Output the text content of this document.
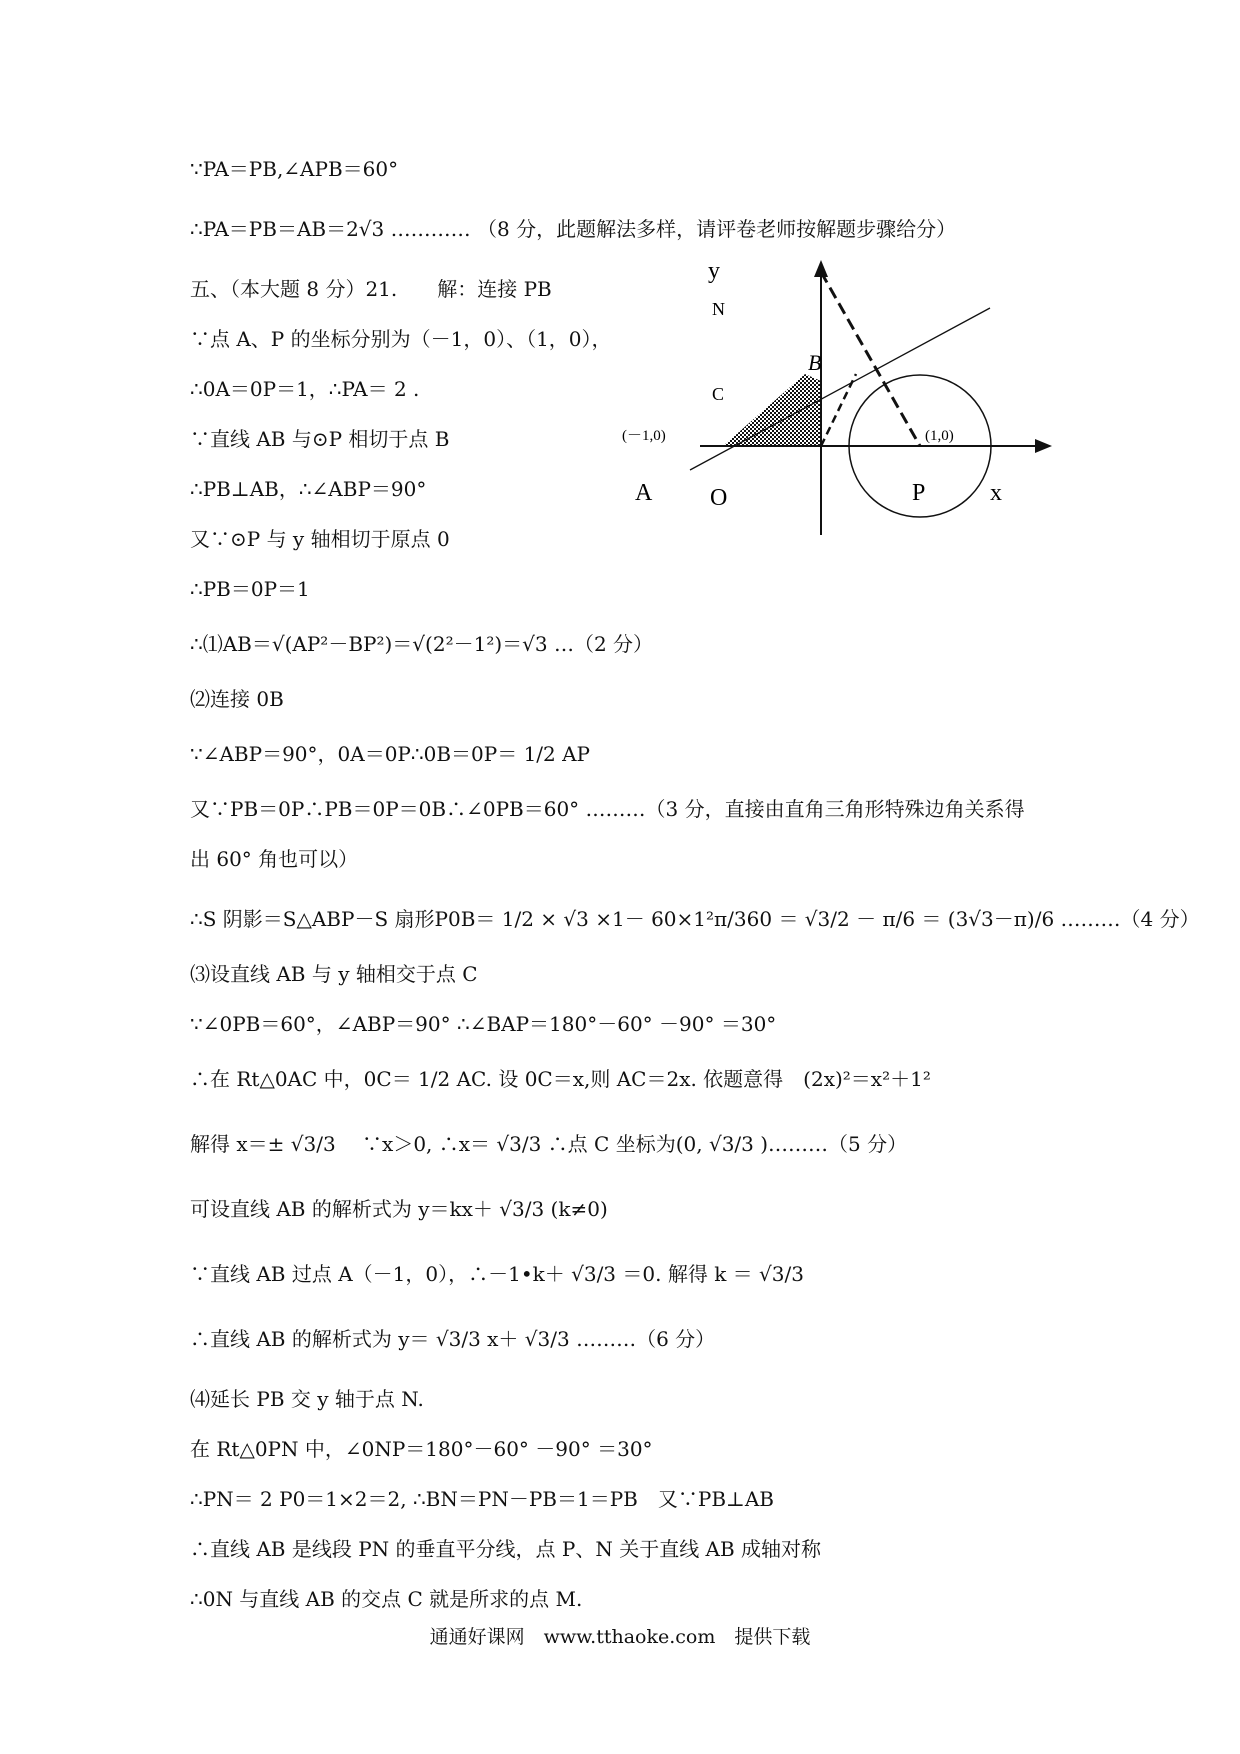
∵PA＝PB,∠APB＝60°
∴PA＝PB＝AB＝2√3 ………… （8 分，此题解法多样，请评卷老师按解题步骤给分）
五、（本大题 8 分）21.　　解：连接 PB
∵点 A、P 的坐标分别为（－1，0）、（1，0），
∴0A＝0P＝1，∴PA＝ 2 .
∵直线 AB 与⊙P 相切于点 B
∴PB⊥AB，∴∠ABP＝90°
又∵⊙P 与 y 轴相切于原点 0
∴PB＝0P＝1
∴⑴AB＝√(AP²－BP²)＝√(2²－1²)＝√3 …（2 分）
⑵连接 0B
∵∠ABP＝90°，0A＝0P∴0B＝0P＝ 1/2 AP
又∵PB＝0P∴PB＝0P＝0B∴∠0PB＝60° ………（3 分，直接由直角三角形特殊边角关系得
出 60° 角也可以）
∴S 阴影＝S△ABP－S 扇形P0B＝ 1/2 × √3 ×1－ 60×1²π/360 ＝ √3/2 － π/6 ＝ (3√3－π)/6 ………（4 分）
⑶设直线 AB 与 y 轴相交于点 C
∵∠0PB＝60°，∠ABP＝90° ∴∠BAP＝180°－60° －90° ＝30°
∴在 Rt△0AC 中，0C＝ 1/2 AC. 设 0C＝x,则 AC＝2x. 依题意得　(2x)²＝x²＋1²
解得 x＝± √3/3 　∵x＞0, ∴x＝ √3/3 ∴点 C 坐标为(0, √3/3 )………（5 分）
可设直线 AB 的解析式为 y＝kx＋ √3/3 (k≠0)
∵直线 AB 过点 A（－1，0），∴－1•k＋ √3/3 ＝0. 解得 k ＝ √3/3
∴直线 AB 的解析式为 y＝ √3/3 x＋ √3/3 ………（6 分）
⑷延长 PB 交 y 轴于点 N.
在 Rt△0PN 中，∠0NP＝180°－60° －90° ＝30°
∴PN＝ 2 P0＝1×2＝2, ∴BN＝PN－PB＝1＝PB　又∵PB⊥AB
∴直线 AB 是线段 PN 的垂直平分线，点 P、N 关于直线 AB 成轴对称
∴0N 与直线 AB 的交点 C 就是所求的点 M.
y
N
B
C
(－1,0)	(1,0)
A O	P	x
通通好课网　www.tthaoke.com　提供下载
